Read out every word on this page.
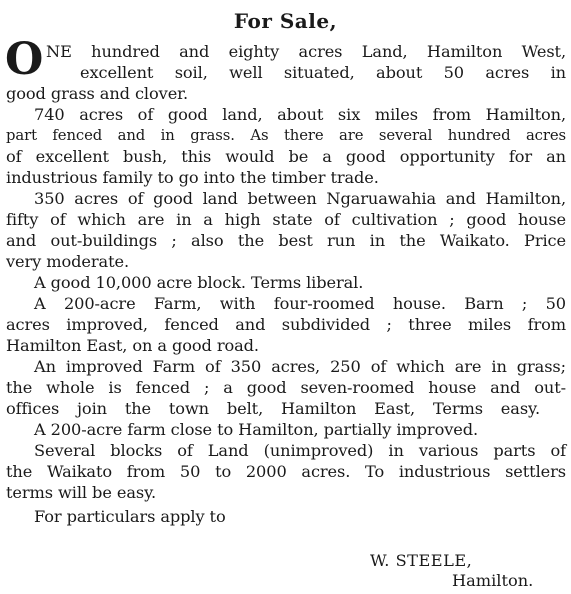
For Sale,
O NE hundred and eighty acres Land, Hamilton West,
excellent soil, well situated, about 50 acres in
good grass and clover.
740 acres of good land, about six miles from Hamilton,
part fenced and in grass. As there are several hundred acres
of excellent bush, this would be a good opportunity for an
industrious family to go into the timber trade.
350 acres of good land between Ngaruawahia and Hamilton,
fifty of which are in a high state of cultivation ; good house
and out-buildings ; also the best run in the Waikato. Price
very moderate.
A good 10,000 acre block. Terms liberal.
A 200-acre Farm, with four-roomed house. Barn ; 50
acres improved, fenced and subdivided ; three miles from
Hamilton East, on a good road.
An improved Farm of 350 acres, 250 of which are in grass;
the whole is fenced ; a good seven-roomed house and out-
offices join the town belt, Hamilton East, Terms easy.
A 200-acre farm close to Hamilton, partially improved.
Several blocks of Land (unimproved) in various parts of
the Waikato from 50 to 2000 acres. To industrious settlers
terms will be easy.
For particulars apply to
W. STEELE,
Hamilton.
